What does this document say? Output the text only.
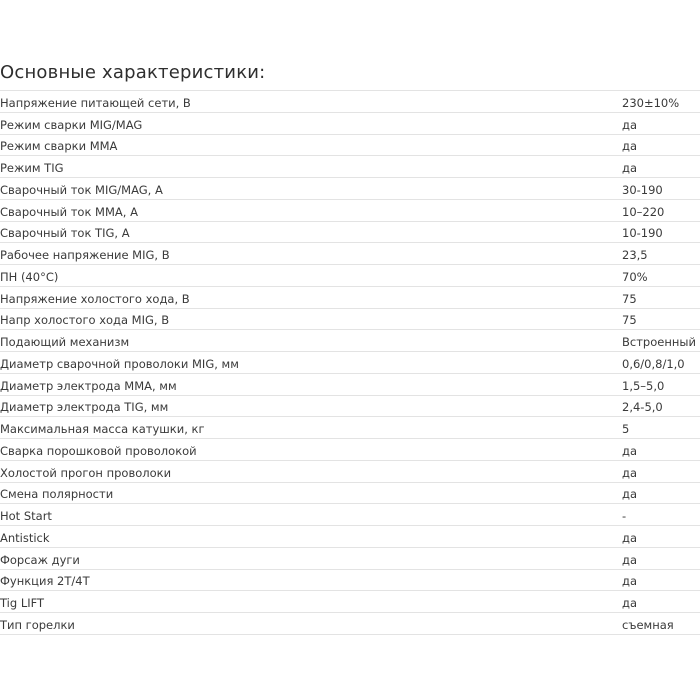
Основные характеристики:
Напряжение питающей сети, В	230±10%
Режим сварки MIG/MAG	да
Режим сварки MMA	да
Режим TIG	да
Сварочный ток MIG/MAG, А	30-190
Сварочный ток MMA, А	10–220
Сварочный ток TIG, А	10-190
Рабочее напряжение MIG, В	23,5
ПН (40°С)	70%
Напряжение холостого хода, В	75
Напр холостого хода MIG, В	75
Подающий механизм	Встроенный
Диаметр сварочной проволоки MIG, мм	0,6/0,8/1,0
Диаметр электрода MMA, мм	1,5–5,0
Диаметр электрода TIG, мм	2,4-5,0
Максимальная масса катушки, кг	5
Сварка порошковой проволокой	да
Холостой прогон проволоки	да
Смена полярности	да
Hot Start	-
Antistick	да
Форсаж дуги	да
Функция 2Т/4Т	да
Tig LIFT	да
Тип горелки	съемная
